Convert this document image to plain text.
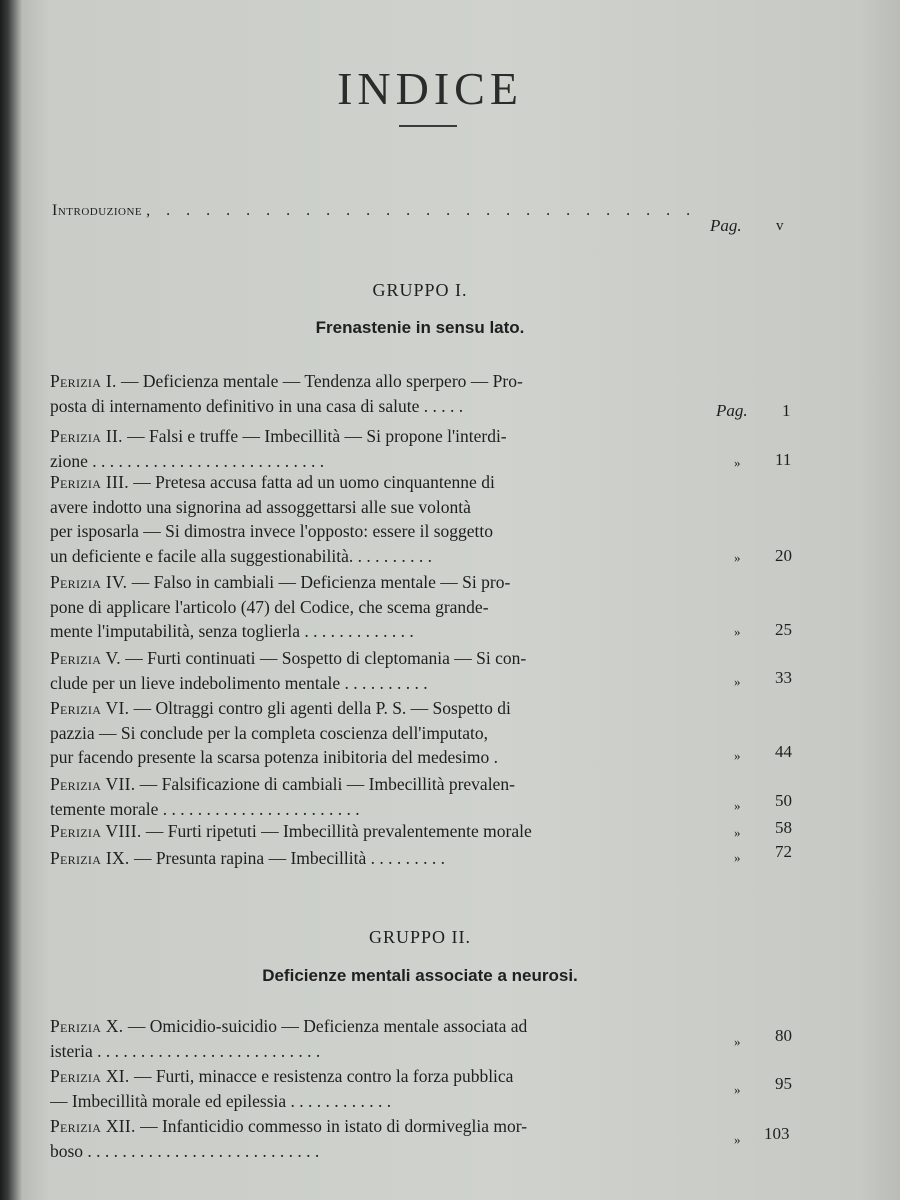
INDICE
Introduzione , . . . . . . . . . . . . . . . . . . . . . . . . . . .
Pag. v
GRUPPO I.
Frenastenie in sensu lato.
Perizia I. — Deficienza mentale — Tendenza allo sperpero — Pro-
posta di internamento definitivo in una casa di salute . . . . .	Pag. 1
Perizia II. — Falsi e truffe — Imbecillità — Si propone l'interdi-
zione . . . . . . . . . . . . . . . . . . . . . . . . . . .	» 11
Perizia III. — Pretesa accusa fatta ad un uomo cinquantenne di
avere indotto una signorina ad assoggettarsi alle sue volontà
per isposarla — Si dimostra invece l'opposto: essere il soggetto
un deficiente e facile alla suggestionabilità. . . . . . . . . .	» 20
Perizia IV. — Falso in cambiali — Deficienza mentale — Si pro-
pone di applicare l'articolo (47) del Codice, che scema grande-
mente l'imputabilità, senza toglierla . . . . . . . . . . . . .	» 25
Perizia V. — Furti continuati — Sospetto di cleptomania — Si con-
clude per un lieve indebolimento mentale . . . . . . . . . .	» 33
Perizia VI. — Oltraggi contro gli agenti della P. S. — Sospetto di
pazzia — Si conclude per la completa coscienza dell'imputato,
pur facendo presente la scarsa potenza inibitoria del medesimo .	» 44
Perizia VII. — Falsificazione di cambiali — Imbecillità prevalen-
temente morale . . . . . . . . . . . . . . . . . . . . . . .	» 50
Perizia VIII. — Furti ripetuti — Imbecillità prevalentemente morale	» 58
Perizia IX. — Presunta rapina — Imbecillità . . . . . . . . .	» 72
GRUPPO II.
Deficienze mentali associate a neurosi.
Perizia X. — Omicidio-suicidio — Deficienza mentale associata ad
isteria . . . . . . . . . . . . . . . . . . . . . . . . . .	» 80
Perizia XI. — Furti, minacce e resistenza contro la forza pubblica
— Imbecillità morale ed epilessia . . . . . . . . . . . .
» 95
Perizia XII. — Infanticidio commesso in istato di dormiveglia mor-
boso . . . . . . . . . . . . . . . . . . . . . . . . . . .
» 103
